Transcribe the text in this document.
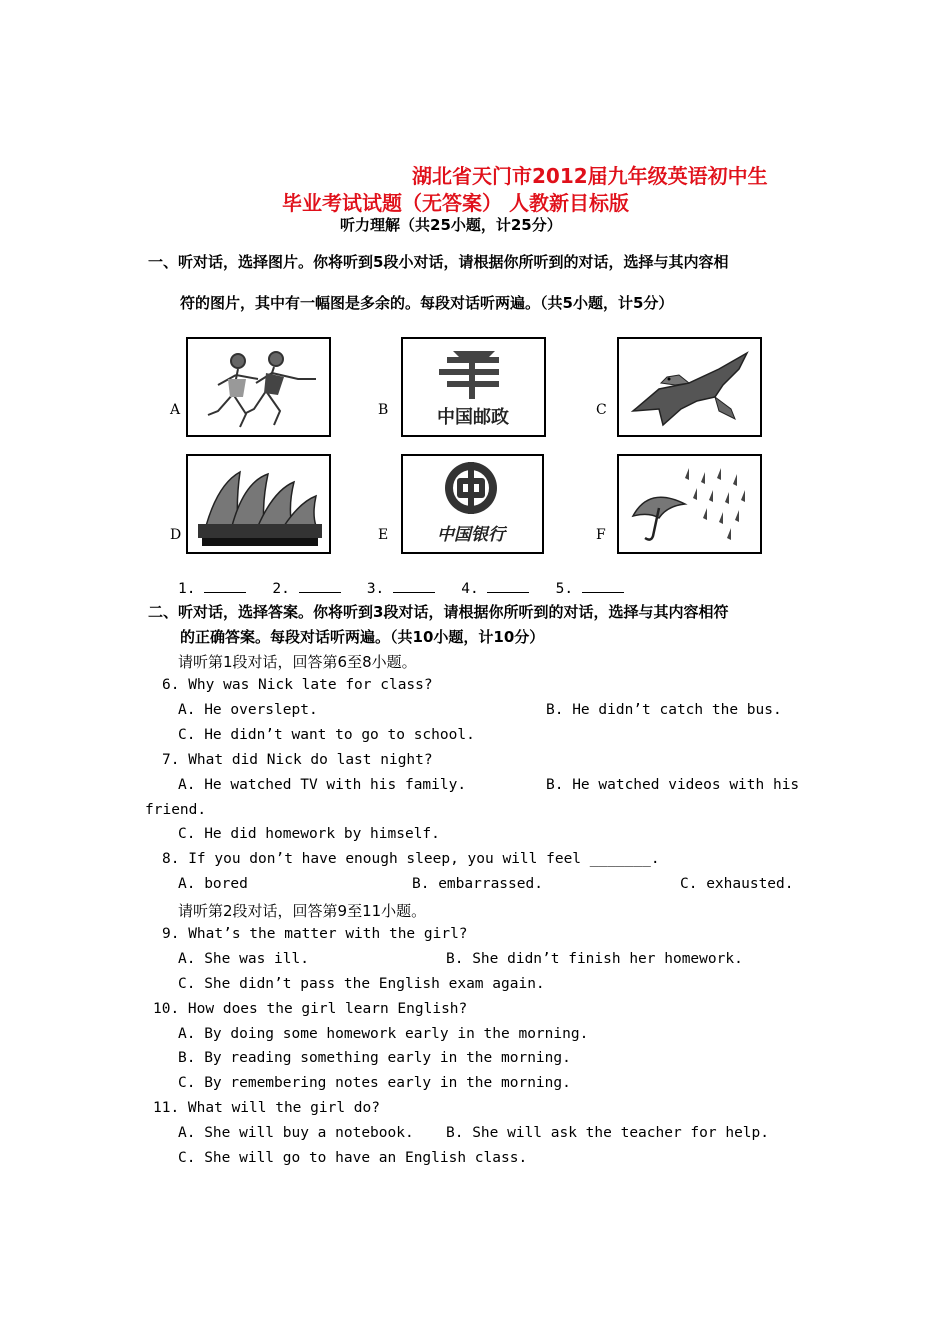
湖北省天门市2012届九年级英语初中生
毕业考试试题（无答案） 人教新目标版
听力理解（共25小题，计25分）
一、听对话，选择图片。你将听到5段小对话，请根据你所听到的对话，选择与其内容相
符的图片，其中有一幅图是多余的。每段对话听两遍。（共5小题，计5分）
A	B	中国邮政	C
D	E	中国银行	F
1.	2.	3.	4.	5.
二、听对话，选择答案。你将听到3段对话，请根据你所听到的对话，选择与其内容相符
的正确答案。每段对话听两遍。（共10小题，计10分）
请听第1段对话，回答第6至8小题。
6. Why was Nick late for class?
A. He overslept.	B. He didn’t catch the bus.
C. He didn’t want to go to school.
7. What did Nick do last night?
A. He watched TV with his family.	B. He watched videos with his
friend.
C. He did homework by himself.
8. If you don’t have enough sleep, you will feel _______.
A. bored	B. embarrassed.	C. exhausted.
请听第2段对话，回答第9至11小题。
9. What’s the matter with the girl?
A. She was ill.	B. She didn’t finish her homework.
C. She didn’t pass the English exam again.
10. How does the girl learn English?
A. By doing some homework early in the morning.
B. By reading something early in the morning.
C. By remembering notes early in the morning.
11. What will the girl do?
A. She will buy a notebook. B. She will ask the teacher for help.
C. She will go to have an English class.
